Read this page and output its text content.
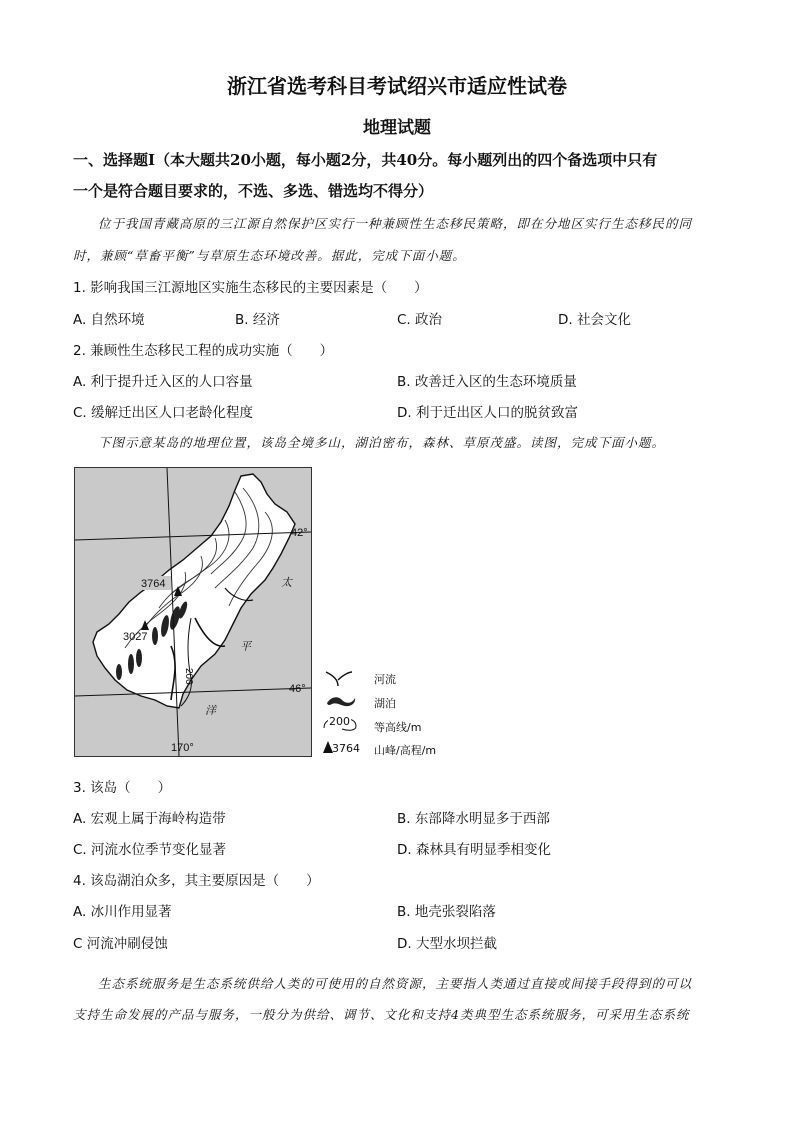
浙江省选考科目考试绍兴市适应性试卷
地理试题
一、选择题Ⅰ（本大题共20小题，每小题2分，共40分。每小题列出的四个备选项中只有
一个是符合题目要求的，不选、多选、错选均不得分）
位于我国青藏高原的三江源自然保护区实行一种兼顾性生态移民策略，即在分地区实行生态移民的同
时，兼顾“草畜平衡”与草原生态环境改善。据此，完成下面小题。
1. 影响我国三江源地区实施生态移民的主要因素是（　　）
A. 自然环境	B. 经济	C. 政治	D. 社会文化
2. 兼顾性生态移民工程的成功实施（　　）
A. 利于提升迁入区的人口容量	B. 改善迁入区的生态环境质量
C. 缓解迁出区人口老龄化程度	D. 利于迁出区人口的脱贫致富
下图示意某岛的地理位置，该岛全境多山，湖泊密布，森林、草原茂盛。读图，完成下面小题。
42°
46°
170°
3764
3027
200
太
平
洋
河流
湖泊
200 等高线/m
3764 山峰/高程/m
3. 该岛（　　）
A. 宏观上属于海岭构造带	B. 东部降水明显多于西部
C. 河流水位季节变化显著	D. 森林具有明显季相变化
4. 该岛湖泊众多，其主要原因是（　　）
A. 冰川作用显著	B. 地壳张裂陷落
C 河流冲刷侵蚀	D. 大型水坝拦截
生态系统服务是生态系统供给人类的可使用的自然资源，主要指人类通过直接或间接手段得到的可以
支持生命发展的产品与服务，一般分为供给、调节、文化和支持4类典型生态系统服务，可采用生态系统
